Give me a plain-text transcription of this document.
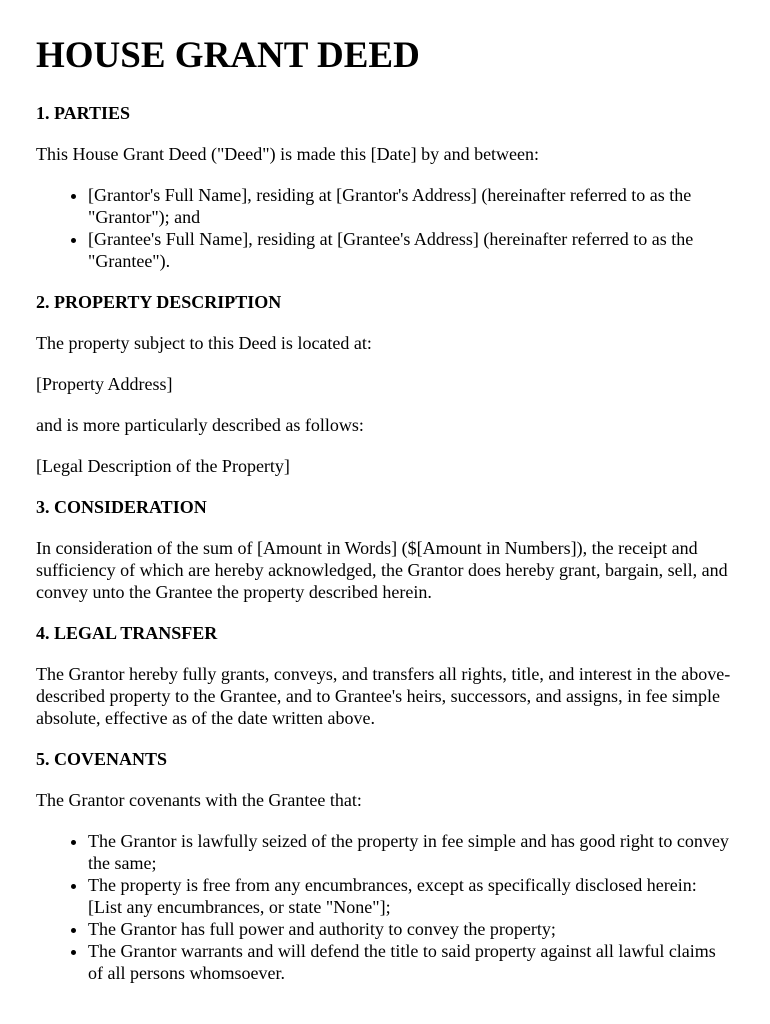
HOUSE GRANT DEED
1. PARTIES

This House Grant Deed ("Deed") is made this [Date] by and between:

• [Grantor's Full Name], residing at [Grantor's Address] (hereinafter referred to as the "Grantor"); and
• [Grantee's Full Name], residing at [Grantee's Address] (hereinafter referred to as the "Grantee").
2. PROPERTY DESCRIPTION

The property subject to this Deed is located at:

[Property Address]

and is more particularly described as follows:

[Legal Description of the Property]

3. CONSIDERATION

In consideration of the sum of [Amount in Words] ($[Amount in Numbers]), the receipt and sufficiency of which are hereby acknowledged, the Grantor does hereby grant, bargain, sell, and convey unto the Grantee the property described herein.

4. LEGAL TRANSFER

The Grantor hereby fully grants, conveys, and transfers all rights, title, and interest in the above-described property to the Grantee, and to Grantee's heirs, successors, and assigns, in fee simple absolute, effective as of the date written above.

5. COVENANTS

The Grantor covenants with the Grantee that:

• The Grantor is lawfully seized of the property in fee simple and has good right to convey the same;
• The property is free from any encumbrances, except as specifically disclosed herein: [List any encumbrances, or state "None"];
• The Grantor has full power and authority to convey the property;
• The Grantor warrants and will defend the title to said property against all lawful claims of all persons whomsoever.
